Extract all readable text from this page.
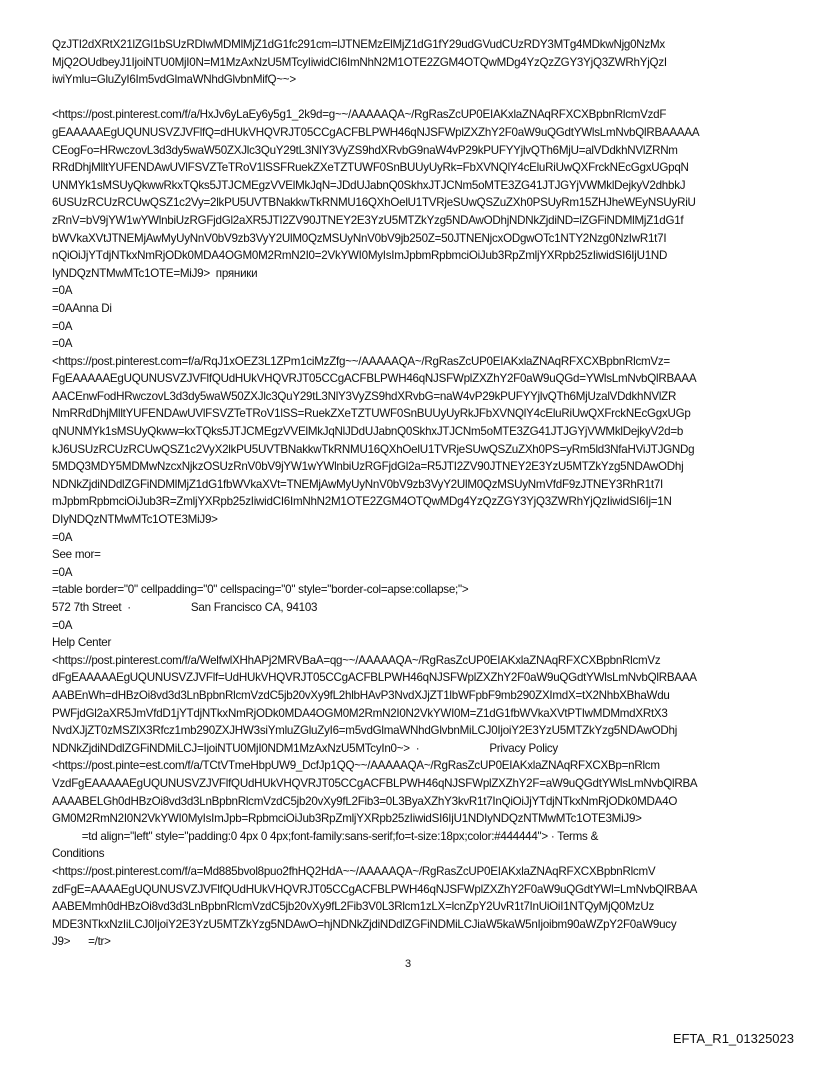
QzJTI2dXRtX21lZGl1bSUzRDIwMDMlMjZ1dG1fc291cm=lJTNEMzElMjZ1dG1fY29udGVudCUzRDY3MTg4MDkwNjg0NzMx
MjQ2OUdbeyJ1IjoiNTU0MjI0N=M1MzAxNzU5MTcyIiwidCI6ImNhN2M1OTE2ZGM4OTQwMDg4YzQzZGY3YjQ3ZWRhYjQzI
iwiYmlu=GluZyI6Im5vdGlmaWNhdGlvbnMifQ~~>
<https://post.pinterest.com/f/a/HxJv6yLaEy6y5g1_2k9d=g~~/AAAAAQA~/RgRasZcUP0EIAKxlaZNAqRFXCXBpbnRlcmVzdF
gEAAAAAEgUQUNUSVZJVFlfQ=dHUkVHQVRJT05CCgACFBLPWH46qNJSFWplZXZhY2F0aW9uQGdtYWlsLmNvbQlRBAAAAA
CEogFo=HRwczovL3d3dy5waW50ZXJlc3QuY29tL3NlY3VyZS9hdXRvbG9naW4vP29kPUFYYjlvQTh6MjU=alVDdkhNVlZRNm
RRdDhjMlltYUFENDAwUVlFSVZTeTRoV1lSSFRuekZXeTZTUWF0SnBUUyUyRk=FbXVNQlY4cEluRiUwQXFrckNEcGgxUGpqN
UNMYk1sMSUyQkwwRkxTQks5JTJCMEgzVVElMkJqN=JDdUJabnQ0SkhxJTJCNm5oMTE3ZG41JTJGYjVWMklDejkyV2dhbkJ
6USUzRCUzRCUwQSZ1c2Vy=2lkPU5UVTBNakkwTkRNMU16QXhOelU1TVRjeSUwQSZuZXh0PSUyRm15ZHJheWEyNSUyRiU
zRnV=bV9jYW1wYWlnbiUzRGFjdGl2aXR5JTI2ZV90JTNEY2E3YzU5MTZkYzg5NDAwODhjNDNkZjdiND=lZGFiNDMlMjZ1dG1f
bWVkaXVtJTNEMjAwMyUyNnV0bV9zb3VyY2UlM0QzMSUyNnV0bV9jb250Z=50JTNENjcxODgwOTc1NTY2Nzg0NzIwR1t7I
nQiOiJjYTdjNTkxNmRjODk0MDA4OGM0M2RmN2I0=2VkYWI0MyIsImJpbmRpbmciOiJub3RpZmljYXRpb25zIiwidSI6IjU1ND
IyNDQzNTMwMTc1OTE=MiJ9>  пряники
=0A
=0AAnna Di
=0A
=0A
<https://post.pinterest.com=f/a/RqJ1xOEZ3L1ZPm1ciMzZfg~~/AAAAAQA~/RgRasZcUP0EIAKxlaZNAqRFXCXBpbnRlcmVz=
FgEAAAAAEgUQUNUSVZJVFlfQUdHUkVHQVRJT05CCgACFBLPWH46qNJSFWplZXZhY2F0aW9uQGd=YWlsLmNvbQlRBAAA
AACEnwFodHRwczovL3d3dy5waW50ZXJlc3QuY29tL3NlY3VyZS9hdXRvbG=naW4vP29kPUFYYjlvQTh6MjUzalVDdkhNVlZR
NmRRdDhjMlltYUFENDAwUVlFSVZTeTRoV1lSS=RuekZXeTZTUWF0SnBUUyUyRkJFbXVNQlY4cEluRiUwQXFrckNEcGgxUGp
qNUNMYk1sMSUyQkww=kxTQks5JTJCMEgzVVElMkJqNlJDdUJabnQ0SkhxJTJCNm5oMTE3ZG41JTJGYjVWMklDejkyV2d=b
kJ6USUzRCUzRCUwQSZ1c2VyX2lkPU5UVTBNakkwTkRNMU16QXhOelU1TVRjeSUwQSZuZXh0PS=yRm5ld3NfaHViJTJGNDg
5MDQ3MDY5MDMwNzcxNjkzOSUzRnV0bV9jYW1wYWlnbiUzRGFjdGl2a=R5JTI2ZV90JTNEY2E3YzU5MTZkYzg5NDAwODhj
NDNkZjdiNDdlZGFiNDMlMjZ1dG1fbWVkaXVt=TNEMjAwMyUyNnV0bV9zb3VyY2UlM0QzMSUyNmVfdF9zJTNEY3RhR1t7I
mJpbmRpbmciOiJub3R=ZmljYXRpb25zIiwidCI6ImNhN2M1OTE2ZGM4OTQwMDg4YzQzZGY3YjQ3ZWRhYjQzIiwidSI6Ij=1N
DIyNDQzNTMwMTc1OTE3MiJ9>
=0A
See mor=
=0A
=table border="0" cellpadding="0" cellspacing="0" style="border-col=apse:collapse;">
572 7th Street  ·	San Francisco CA, 94103
=0A
Help Center
<https://post.pinterest.com/f/a/WelfwlXHhAPj2MRVBaA=qg~~/AAAAAQA~/RgRasZcUP0EIAKxlaZNAqRFXCXBpbnRlcmVz
dFgEAAAAAEgUQUNUSVZJVFlf=UdHUkVHQVRJT05CCgACFBLPWH46qNJSFWplZXZhY2F0aW9uQGdtYWlsLmNvbQlRBAAA
AABEnWh=dHBzOi8vd3d3LnBpbnRlcmVzdC5jb20vXy9fL2hlbHAvP3NvdXJjZT1lbWFpbF9mb290ZXImdX=tX2NhbXBhaWdu
PWFjdGl2aXR5JmVfdD1jYTdjNTkxNmRjODk0MDA4OGM0M2RmN2I0N2VkYWI0M=Z1dG1fbWVkaXVtPTIwMDMmdXRtX3
NvdXJjZT0zMSZlX3Rfcz1mb290ZXJHW3siYmluZGluZyI6=m5vdGlmaWNhdGlvbnMiLCJ0IjoiY2E3YzU5MTZkYzg5NDAwODhj
NDNkZjdiNDdlZGFiNDMiLCJ=IjoiNTU0MjI0NDM1MzAxNzU5MTcyIn0~>  ·	Privacy Policy
<https://post.pinte=est.com/f/a/TCtVTmeHbpUW9_DcfJp1QQ~~/AAAAAQA~/RgRasZcUP0EIAKxlaZNAqRFXCXBp=nRlcm
VzdFgEAAAAAEgUQUNUSVZJVFlfQUdHUkVHQVRJT05CCgACFBLPWH46qNJSFWplZXZhY2F=aW9uQGdtYWlsLmNvbQlRBA
AAAABELGh0dHBzOi8vd3d3LnBpbnRlcmVzdC5jb20vXy9fL2Fib3=0L3ByaXZhY3kvR1t7InQiOiJjYTdjNTkxNmRjODk0MDA4O
GM0M2RmN2I0N2VkYWI0MyIsImJpb=RpbmciOiJub3RpZmljYXRpb25zIiwidSI6IjU1NDIyNDQzNTMwMTc1OTE3MiJ9>
=td align="left" style="padding:0 4px 0 4px;font-family:sans-serif;fo=t-size:18px;color:#444444"> · Terms &
Conditions
<https://post.pinterest.com/f/a=Md885bvol8puo2fhHQ2HdA~~/AAAAAQA~/RgRasZcUP0EIAKxlaZNAqRFXCXBpbnRlcmV
zdFgE=AAAAEgUQUNUSVZJVFlfQUdHUkVHQVRJT05CCgACFBLPWH46qNJSFWplZXZhY2F0aW9uQGdtYWl=LmNvbQlRBAA
AABEMmh0dHBzOi8vd3d3LnBpbnRlcmVzdC5jb20vXy9fL2Fib3V0L3Rlcm1zLX=lcnZpY2UvR1t7InUiOiI1NTQyMjQ0MzUz
MDE3NTkxNzIiLCJ0IjoiY2E3YzU5MTZkYzg5NDAwO=hjNDNkZjdiNDdlZGFiNDMiLCJiaW5kaW5nIjoibm90aWZpY2F0aW9ucy
J9>      =/tr>
3
EFTA_R1_01325023
